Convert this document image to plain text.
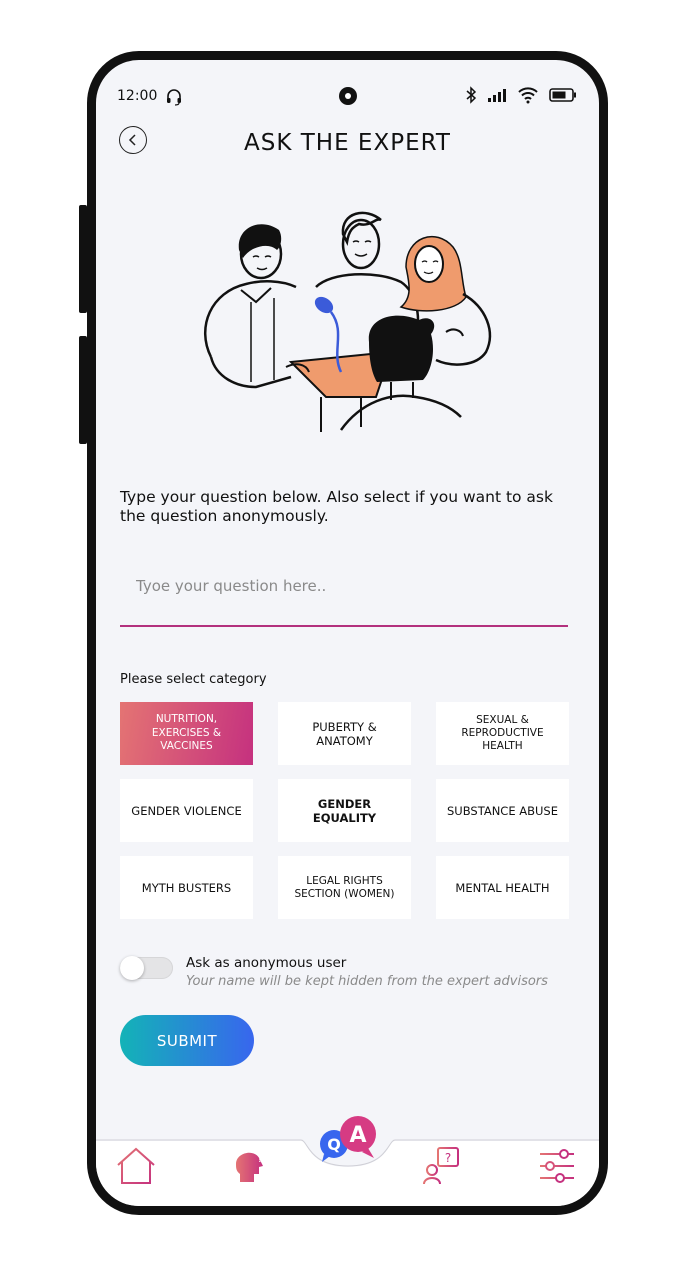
12:00
ASK THE EXPERT
Type your question below. Also select if you want to ask the question anonymously.
Tyoe your question here..
Please select category
NUTRITION, EXERCISES & VACCINES
PUBERTY & ANATOMY
SEXUAL & REPRODUCTIVE HEALTH
GENDER VIOLENCE	GENDER EQUALITY	SUBSTANCE ABUSE
MYTH BUSTERS	LEGAL RIGHTS SECTION (WOMEN)	MENTAL HEALTH
Ask as anonymous user
Your name will be kept hidden from the expert advisors
SUBMIT
?
Q A
?
